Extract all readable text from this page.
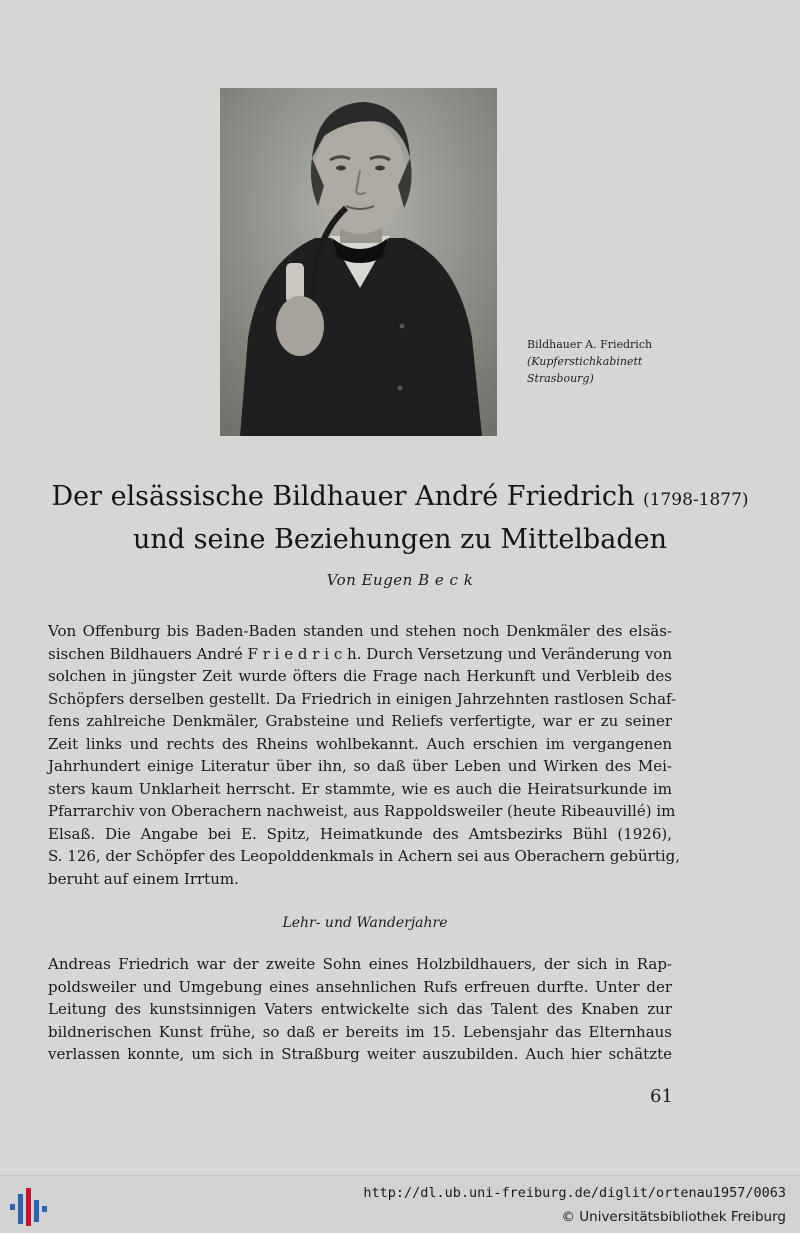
Bildhauer A. Friedrich
(Kupferstichkabinett
Strasbourg)
Der elsässische Bildhauer André Friedrich (1798-1877)
und seine Beziehungen zu Mittelbaden
Von Eugen B e c k
Von Offenburg bis Baden-Baden standen und stehen noch Denkmäler des elsäs-
sischen Bildhauers André F r i e d r i c h. Durch Versetzung und Veränderung von
solchen in jüngster Zeit wurde öfters die Frage nach Herkunft und Verbleib des
Schöpfers derselben gestellt. Da Friedrich in einigen Jahrzehnten rastlosen Schaf-
fens zahlreiche Denkmäler, Grabsteine und Reliefs verfertigte, war er zu seiner
Zeit links und rechts des Rheins wohlbekannt. Auch erschien im vergangenen
Jahrhundert einige Literatur über ihn, so daß über Leben und Wirken des Mei-
sters kaum Unklarheit herrscht. Er stammte, wie es auch die Heiratsurkunde im
Pfarrarchiv von Oberachern nachweist, aus Rappoldsweiler (heute Ribeauvillé) im
Elsaß. Die Angabe bei E. Spitz, Heimatkunde des Amtsbezirks Bühl (1926),
S. 126, der Schöpfer des Leopolddenkmals in Achern sei aus Oberachern gebürtig,
beruht auf einem Irrtum.
Lehr- und Wanderjahre
Andreas Friedrich war der zweite Sohn eines Holzbildhauers, der sich in Rap-
poldsweiler und Umgebung eines ansehnlichen Rufs erfreuen durfte. Unter der
Leitung des kunstsinnigen Vaters entwickelte sich das Talent des Knaben zur
bildnerischen Kunst frühe, so daß er bereits im 15. Lebensjahr das Elternhaus
verlassen konnte, um sich in Straßburg weiter auszubilden. Auch hier schätzte
61
http://dl.ub.uni-freiburg.de/diglit/ortenau1957/0063
© Universitätsbibliothek Freiburg
